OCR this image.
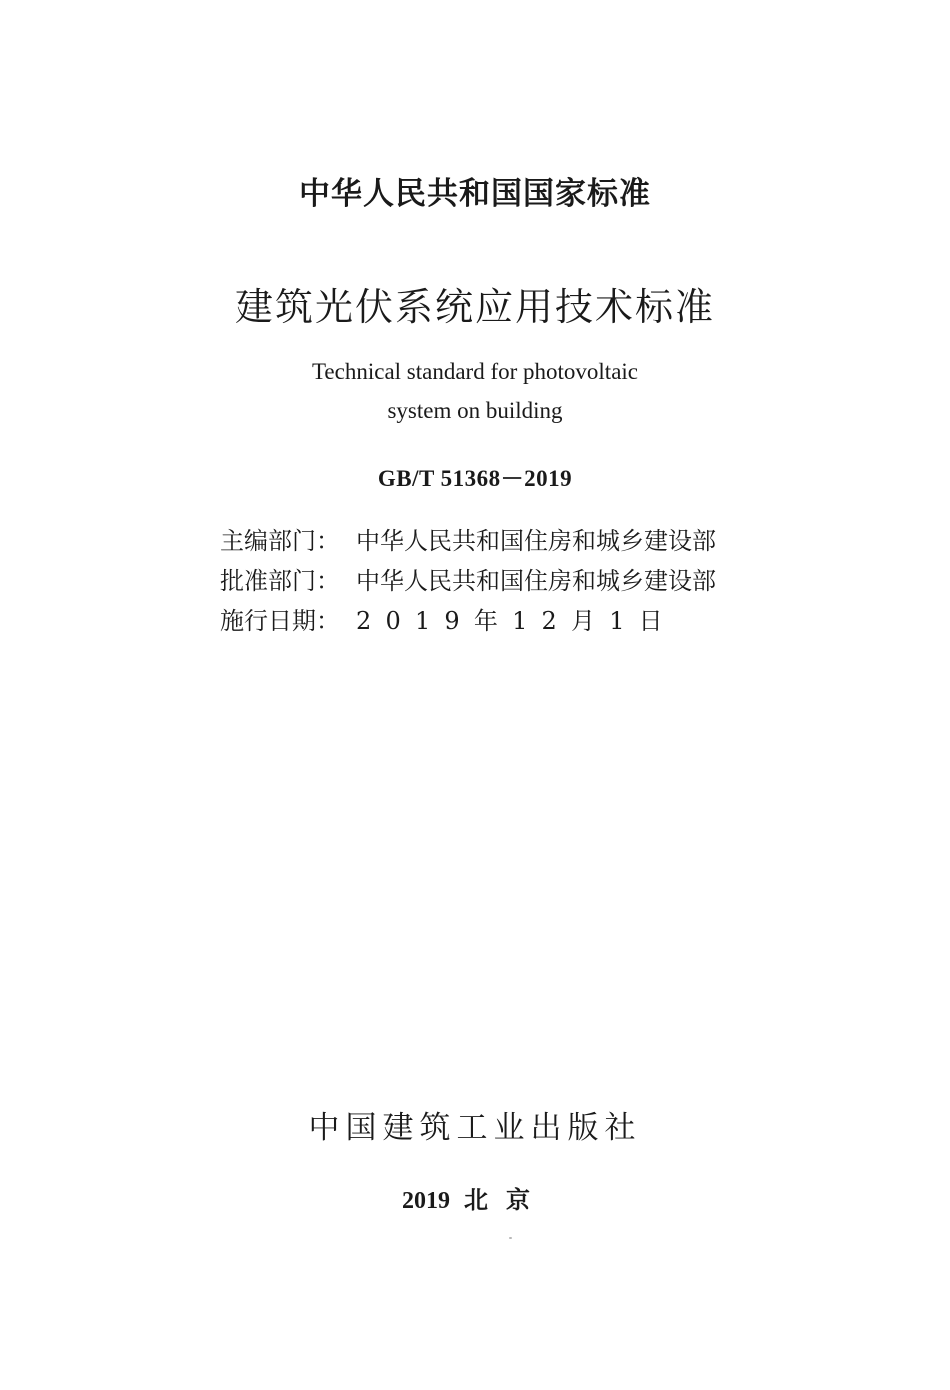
中华人民共和国国家标准
建筑光伏系统应用技术标准
Technical standard for photovoltaic
system on building
GB/T 51368－2019
主编部门： 中华人民共和国住房和城乡建设部
批准部门： 中华人民共和国住房和城乡建设部
施行日期： 2019年12月1日
中国建筑工业出版社
2019 北京
